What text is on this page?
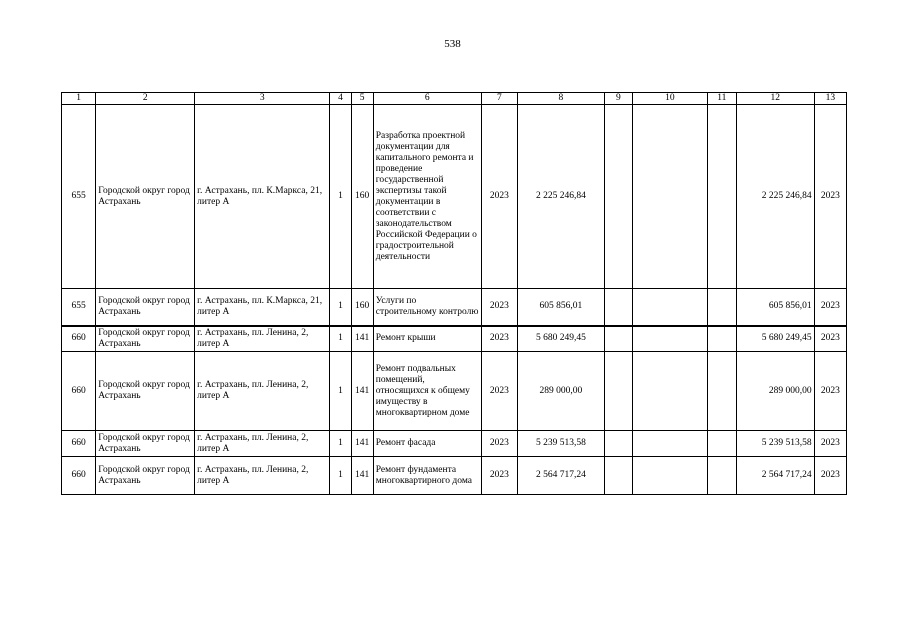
538
1	2	3	4	5	6	7	8	9	10	11	12	13
655	Городской округ город Астрахань	г. Астрахань, пл. К.Маркса, 21, литер А	1	160	Разработка проектной документации для капитального ремонта и проведение государственной экспертизы такой документации в соответствии с законодательством Российской Федерации о градостроительной деятельности	2023	2 225 246,84				2 225 246,84	2023
655	Городской округ город Астрахань	г. Астрахань, пл. К.Маркса, 21, литер А	1	160	Услуги по строительному контролю	2023	605 856,01				605 856,01	2023
660	Городской округ город Астрахань	г. Астрахань, пл. Ленина, 2, литер А	1	141	Ремонт крыши	2023	5 680 249,45				5 680 249,45	2023
660	Городской округ город Астрахань	г. Астрахань, пл. Ленина, 2, литер А	1	141	Ремонт подвальных помещений, относящихся к общему имуществу в многоквартирном доме	2023	289 000,00				289 000,00	2023
660	Городской округ город Астрахань	г. Астрахань, пл. Ленина, 2, литер А	1	141	Ремонт фасада	2023	5 239 513,58				5 239 513,58	2023
660	Городской округ город Астрахань	г. Астрахань, пл. Ленина, 2, литер А	1	141	Ремонт фундамента многоквартирного дома	2023	2 564 717,24				2 564 717,24	2023
